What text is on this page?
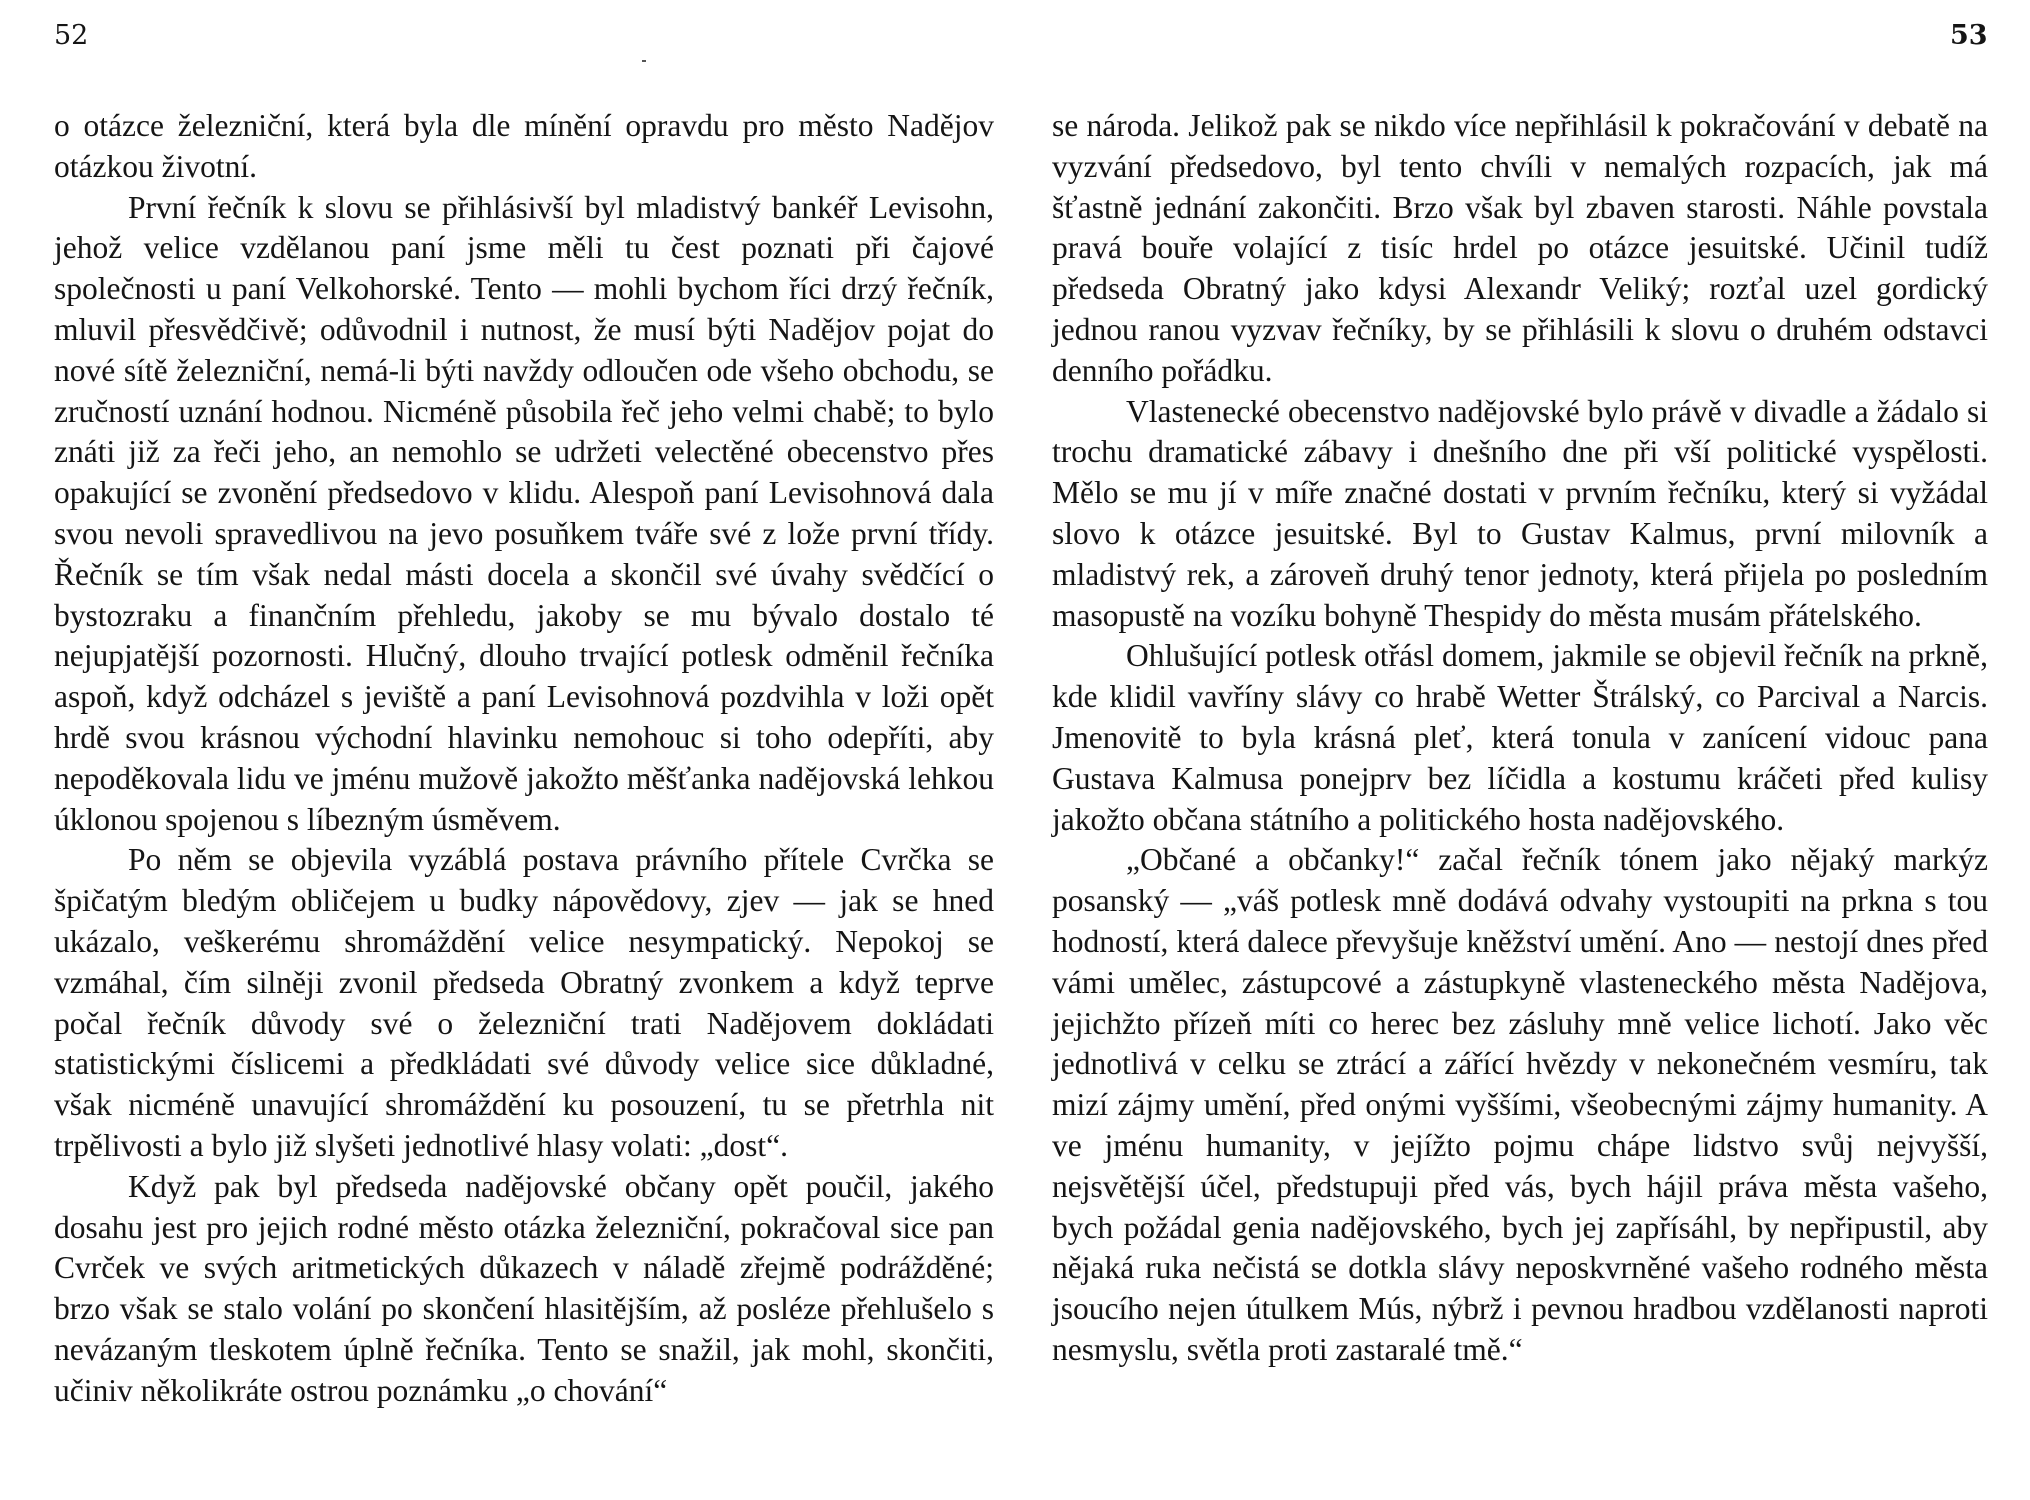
52	53

o otázce železniční, která byla dle mínění opravdu pro město Nadějov otázkou životní.

První řečník k slovu se přihlásivší byl mladistvý bankéř Levisohn, jehož velice vzdělanou paní jsme měli tu čest poznati při čajové společnosti u paní Velkohorské. Tento — mohli bychom říci drzý řečník, mluvil přesvědčivě; odůvodnil i nutnost, že musí býti Nadějov pojat do nové sítě železniční, nemá-li býti navždy odloučen ode všeho obchodu, se zručností uznání hodnou. Nicméně působila řeč jeho velmi chabě; to bylo znáti již za řeči jeho, an nemohlo se udržeti velectěné obecenstvo přes opakující se zvonění předsedovo v klidu. Alespoň paní Levisohnová dala svou nevoli spravedlivou na jevo posuňkem tváře své z lože první třídy. Řečník se tím však nedal másti docela a skončil své úvahy svědčící o bystozraku a finančním přehledu, jakoby se mu bývalo dostalo té nejupjatější pozornosti. Hlučný, dlouho trvající potlesk odměnil řečníka aspoň, když odcházel s jeviště a paní Levisohnová pozdvihla v loži opět hrdě svou krásnou východní hlavinku nemohouc si toho odepříti, aby nepoděkovala lidu ve jménu mužově jakožto měšťanka nadějovská lehkou úklonou spojenou s líbezným úsměvem.

Po něm se objevila vyzáblá postava právního přítele Cvrčka se špičatým bledým obličejem u budky nápovědovy, zjev — jak se hned ukázalo, veškerému shromáždění velice nesympatický. Nepokoj se vzmáhal, čím silněji zvonil předseda Obratný zvonkem a když teprve počal řečník důvody své o železniční trati Nadějovem dokládati statistickými číslicemi a předkládati své důvody velice sice důkladné, však nicméně unavující shromáždění ku posouzení, tu se přetrhla nit trpělivosti a bylo již slyšeti jednotlivé hlasy volati: „dost“.

Když pak byl předseda nadějovské občany opět poučil, jakého dosahu jest pro jejich rodné město otázka železniční, pokračoval sice pan Cvrček ve svých aritmetických důkazech v náladě zřejmě podrážděné; brzo však se stalo volání po skončení hlasitějším, až posléze přehlušelo s nevázaným tleskotem úplně řečníka. Tento se snažil, jak mohl, skončiti, učiniv několikráte ostrou poznámku „o chování“

se národa. Jelikož pak se nikdo více nepřihlásil k pokračování v debatě na vyzvání předsedovo, byl tento chvíli v nemalých rozpacích, jak má šťastně jednání zakončiti. Brzo však byl zbaven starosti. Náhle povstala pravá bouře volající z tisíc hrdel po otázce jesuitské. Učinil tudíž předseda Obratný jako kdysi Alexandr Veliký; rozťal uzel gordický jednou ranou vyzvav řečníky, by se přihlásili k slovu o druhém odstavci denního pořádku.

Vlastenecké obecenstvo nadějovské bylo právě v divadle a žádalo si trochu dramatické zábavy i dnešního dne při vší politické vyspělosti. Mělo se mu jí v míře značné dostati v prvním řečníku, který si vyžádal slovo k otázce jesuitské. Byl to Gustav Kalmus, první milovník a mladistvý rek, a zároveň druhý tenor jednoty, která přijela po posledním masopustě na vozíku bohyně Thespidy do města musám přátelského.

Ohlušující potlesk otřásl domem, jakmile se objevil řečník na prkně, kde klidil vavříny slávy co hrabě Wetter Štrálský, co Parcival a Narcis. Jmenovitě to byla krásná pleť, která tonula v zanícení vidouc pana Gustava Kalmusa ponejprv bez líčidla a kostumu kráčeti před kulisy jakožto občana státního a politického hosta nadějovského.

„Občané a občanky!“ začal řečník tónem jako nějaký markýz posanský — „váš potlesk mně dodává odvahy vystoupiti na prkna s tou hodností, která dalece převyšuje kněžství umění. Ano — nestojí dnes před vámi umělec, zástupcové a zástupkyně vlasteneckého města Nadějova, jejichžto přízeň míti co herec bez zásluhy mně velice lichotí. Jako věc jednotlivá v celku se ztrácí a zářící hvězdy v nekonečném vesmíru, tak mizí zájmy umění, před onými vyššími, všeobecnými zájmy humanity. A ve jménu humanity, v jejížto pojmu chápe lidstvo svůj nejvyšší, nejsvětější účel, předstupuji před vás, bych hájil práva města vašeho, bych požádal genia nadějovského, bych jej zapřísáhl, by nepřipustil, aby nějaká ruka nečistá se dotkla slávy neposkvrněné vašeho rodného města jsoucího nejen útulkem Mús, nýbrž i pevnou hradbou vzdělanosti naproti nesmyslu, světla proti zastaralé tmě.“
